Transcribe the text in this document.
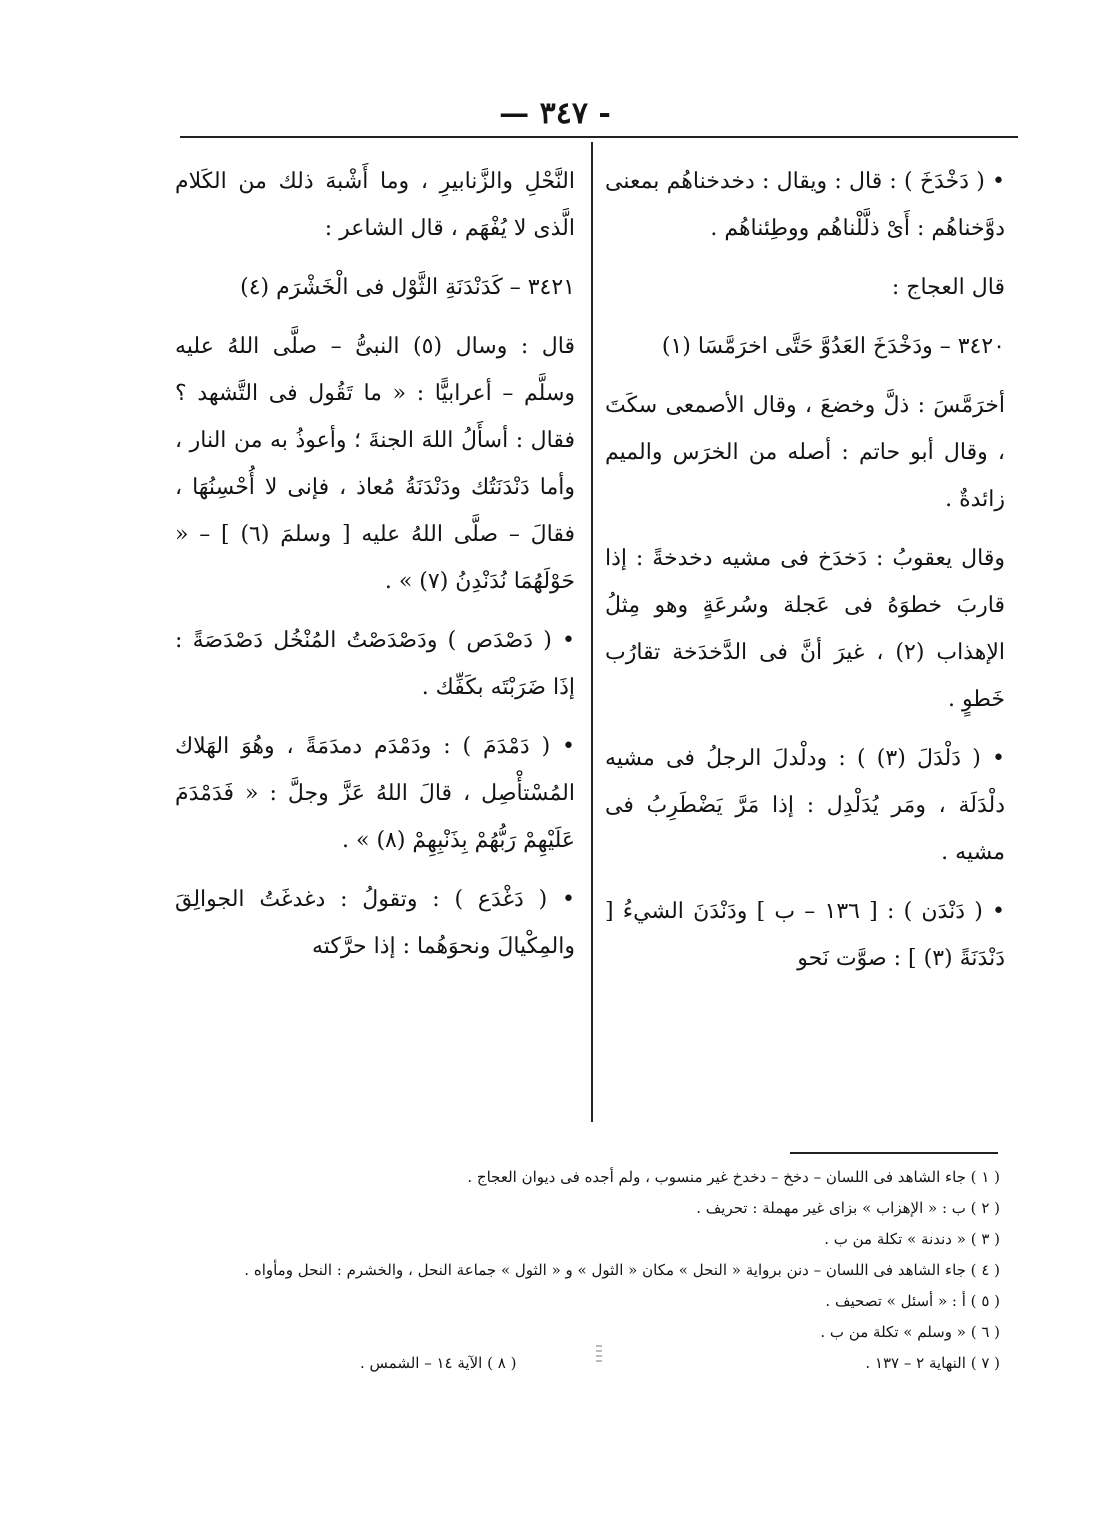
— ٣٤٧ -

• ( دَخْدَخَ ) : قال : ويقال : دخدخناهُم بمعنى دوَّخناهُم : أَىْ ذلَّلْناهُم ووطِئناهُم .

قال العجاج :

٣٤٢٠ – ودَخْدَخَ العَدُوَّ حَتَّى اخرَمَّسَا (١)

أخرَمَّسَ : ذلَّ وخضعَ ، وقال الأصمعى سكَتَ ، وقال أبو حاتم : أصله من الخرَس والميم زائدةٌ .

وقال يعقوبُ : دَخدَخ فى مشيه دخدخةً : إذا قاربَ خطوَهُ فى عَجلة وسُرعَةٍ وهو مِثلُ الإهذاب (٢) ، غيرَ أنَّ فى الدَّخدَخة تقارُب خَطوٍ .

• ( دَلْدَلَ (٣) ) : ودلْدلَ الرجلُ فى مشيه دلْدَلَة ، ومَر يُدَلْدِل : إذا مَرَّ يَضْطَرِبُ فى مشيه .

• ( دَنْدَن ) : [ ١٣٦ – ب ] ودَنْدَنَ الشيءُ [ دَنْدَنَةً (٣) ] : صوَّت نَحو

النَّحْلِ والزَّنابيرِ ، وما أَشْبهَ ذلك من الكَلام الَّذى لا يُفْهَم ، قال الشاعر :

٣٤٢١ – كَدَنْدَنَةِ الثَّوْل فى الْخَشْرَم (٤)

قال : وسال (٥) النبىُّ – صلَّى اللهُ عليه وسلَّم – أعرابيًّا : « ما تَقُول فى التَّشهد ؟ فقال : أسأَلُ اللهَ الجنةَ ؛ وأعوذُ به من النار ، وأما دَنْدَنَتُك ودَنْدَنَةُ مُعاذ ، فإنى لا أُحْسِنُهَا ، فقالَ – صلَّى اللهُ عليه [ وسلمَ (٦) ] – « حَوْلَهُمَا نُدَنْدِنُ (٧) » .

• ( دَصْدَص ) ودَصْدَصْتُ المُنْخُل دَصْدَصَةً : إذَا ضَرَبْتَه بكَفِّك .

• ( دَمْدَمَ ) : ودَمْدَم دمدَمَةً ، وهُوَ الهَلاك المُسْتأْصِل ، قالَ اللهُ عَزَّ وجلَّ : « فَدَمْدَمَ عَلَيْهِمْ رَبُّهُمْ بِذَنْبِهِمْ (٨) » .

• ( دَغْدَع ) : وتقولُ : دغدغَتُ الجوالِقَ والمِكْيالَ ونحوَهُما : إذا حرَّكته

( ١ ) جاء الشاهد فى اللسان – دخخ – دخدخ غير منسوب ، ولم أجده فى ديوان العجاج .

( ٢ ) ب : « الإهزاب » بزاى غير مهملة : تحريف .

( ٣ ) « دندنة » تكلة من ب .

( ٤ ) جاء الشاهد فى اللسان – دنن برواية « النحل » مكان « الثول » و « الثول » جماعة النحل ، والخشرم : النحل ومأواه .

( ٥ ) أ : « أسئل » تصحيف .

( ٦ ) « وسلم » تكلة من ب .

( ٧ ) النهاية ٢ – ١٣٧ .
( ٨ ) الآية ١٤ – الشمس .
